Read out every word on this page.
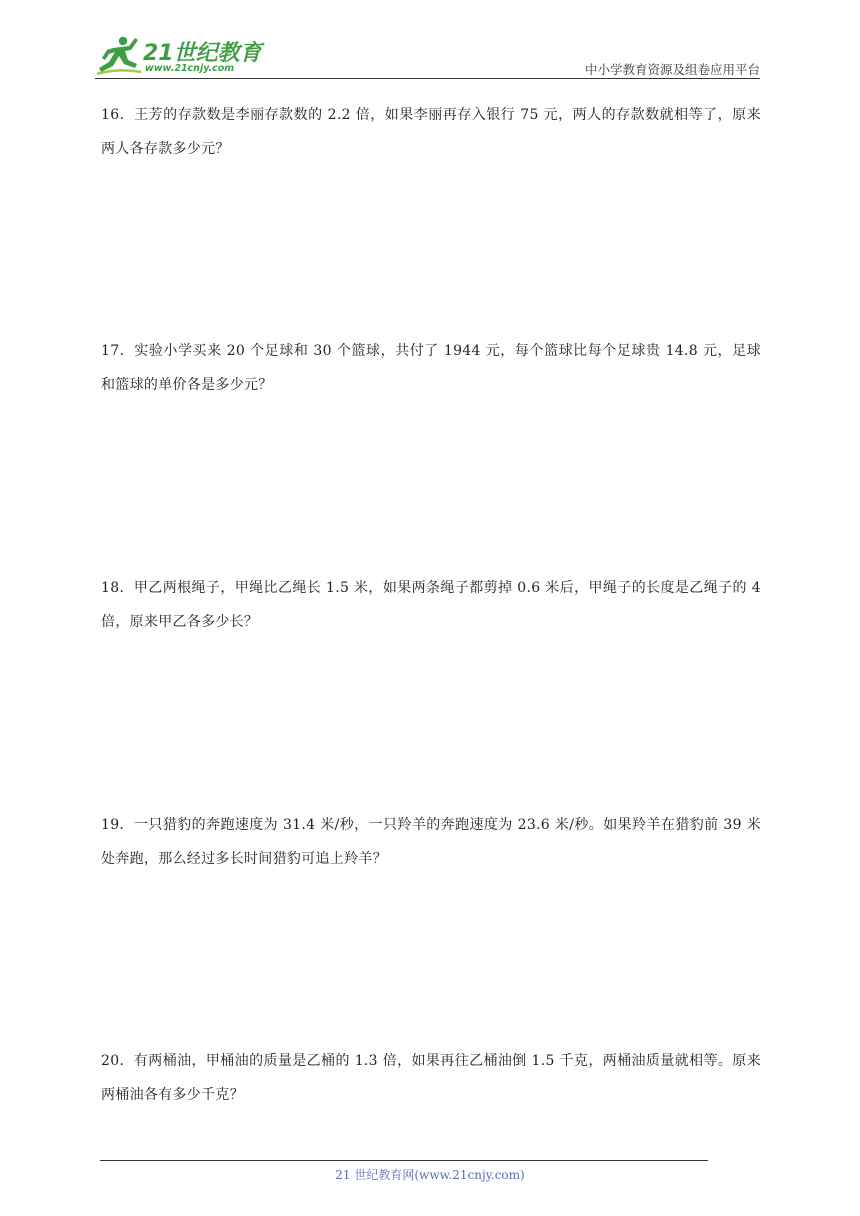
21世纪教育
www.21cnjy.com	中小学教育资源及组卷应用平台
16．王芳的存款数是李丽存款数的 2.2 倍，如果李丽再存入银行 75 元，两人的存款数就相等了，原来两人各存款多少元？
17．实验小学买来 20 个足球和 30 个篮球，共付了 1944 元，每个篮球比每个足球贵 14.8 元，足球和篮球的单价各是多少元？
18．甲乙两根绳子，甲绳比乙绳长 1.5 米，如果两条绳子都剪掉 0.6 米后，甲绳子的长度是乙绳子的 4 倍，原来甲乙各多少长？
19．一只猎豹的奔跑速度为 31.4 米/秒，一只羚羊的奔跑速度为 23.6 米/秒。如果羚羊在猎豹前 39 米处奔跑，那么经过多长时间猎豹可追上羚羊？
20．有两桶油，甲桶油的质量是乙桶的 1.3 倍，如果再往乙桶油倒 1.5 千克，两桶油质量就相等。原来两桶油各有多少千克？
21 世纪教育网(www.21cnjy.com)
